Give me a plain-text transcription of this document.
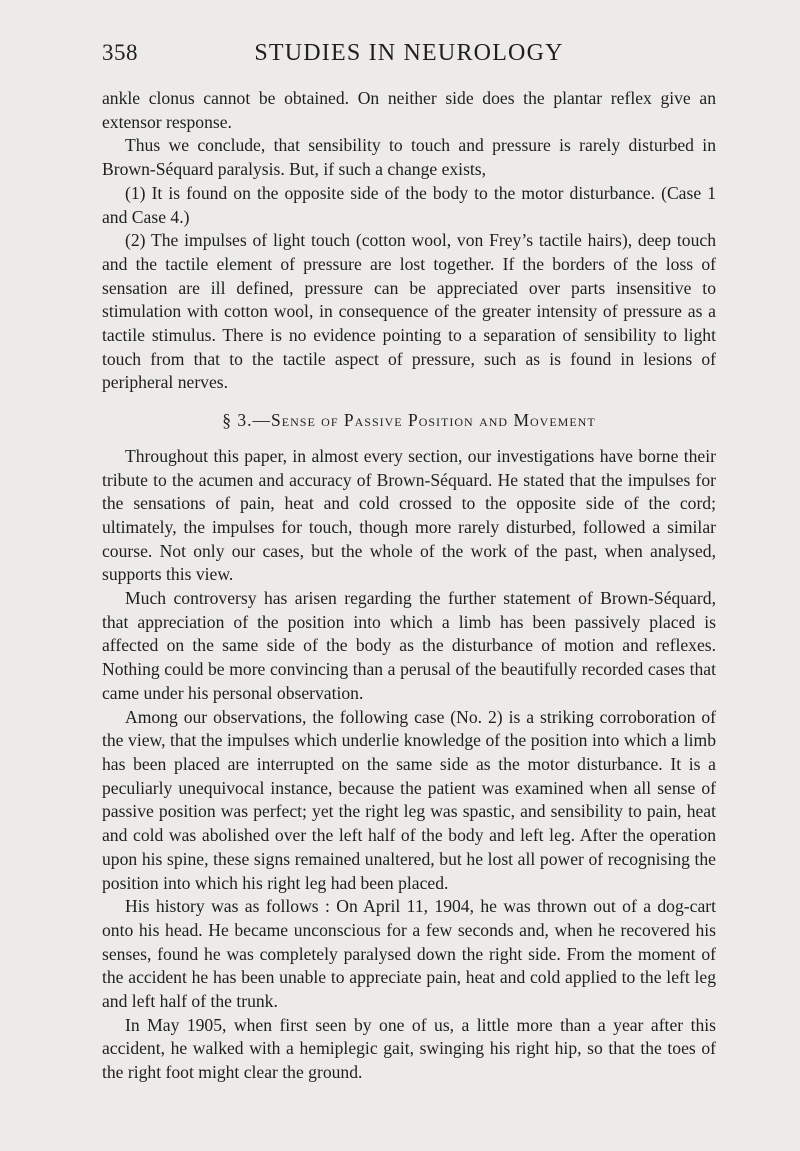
358	STUDIES IN NEUROLOGY

ankle clonus cannot be obtained. On neither side does the plantar reflex give an extensor response.

Thus we conclude, that sensibility to touch and pressure is rarely disturbed in Brown-Séquard paralysis. But, if such a change exists,

(1) It is found on the opposite side of the body to the motor disturbance. (Case 1 and Case 4.)

(2) The impulses of light touch (cotton wool, von Frey’s tactile hairs), deep touch and the tactile element of pressure are lost together. If the borders of the loss of sensation are ill defined, pressure can be appreciated over parts insensitive to stimulation with cotton wool, in consequence of the greater intensity of pressure as a tactile stimulus. There is no evidence pointing to a separation of sensibility to light touch from that to the tactile aspect of pressure, such as is found in lesions of peripheral nerves.

§ 3.—Sense of Passive Position and Movement

Throughout this paper, in almost every section, our investigations have borne their tribute to the acumen and accuracy of Brown-Séquard. He stated that the impulses for the sensations of pain, heat and cold crossed to the opposite side of the cord; ultimately, the impulses for touch, though more rarely disturbed, followed a similar course. Not only our cases, but the whole of the work of the past, when analysed, supports this view.

Much controversy has arisen regarding the further statement of Brown-Séquard, that appreciation of the position into which a limb has been passively placed is affected on the same side of the body as the disturbance of motion and reflexes. Nothing could be more convincing than a perusal of the beautifully recorded cases that came under his personal observation.

Among our observations, the following case (No. 2) is a striking corroboration of the view, that the impulses which underlie knowledge of the position into which a limb has been placed are interrupted on the same side as the motor disturbance. It is a peculiarly unequivocal instance, because the patient was examined when all sense of passive position was perfect; yet the right leg was spastic, and sensibility to pain, heat and cold was abolished over the left half of the body and left leg. After the operation upon his spine, these signs remained unaltered, but he lost all power of recognising the position into which his right leg had been placed.

His history was as follows : On April 11, 1904, he was thrown out of a dog-cart onto his head. He became unconscious for a few seconds and, when he recovered his senses, found he was completely paralysed down the right side. From the moment of the accident he has been unable to appreciate pain, heat and cold applied to the left leg and left half of the trunk.

In May 1905, when first seen by one of us, a little more than a year after this accident, he walked with a hemiplegic gait, swinging his right hip, so that the toes of the right foot might clear the ground.
